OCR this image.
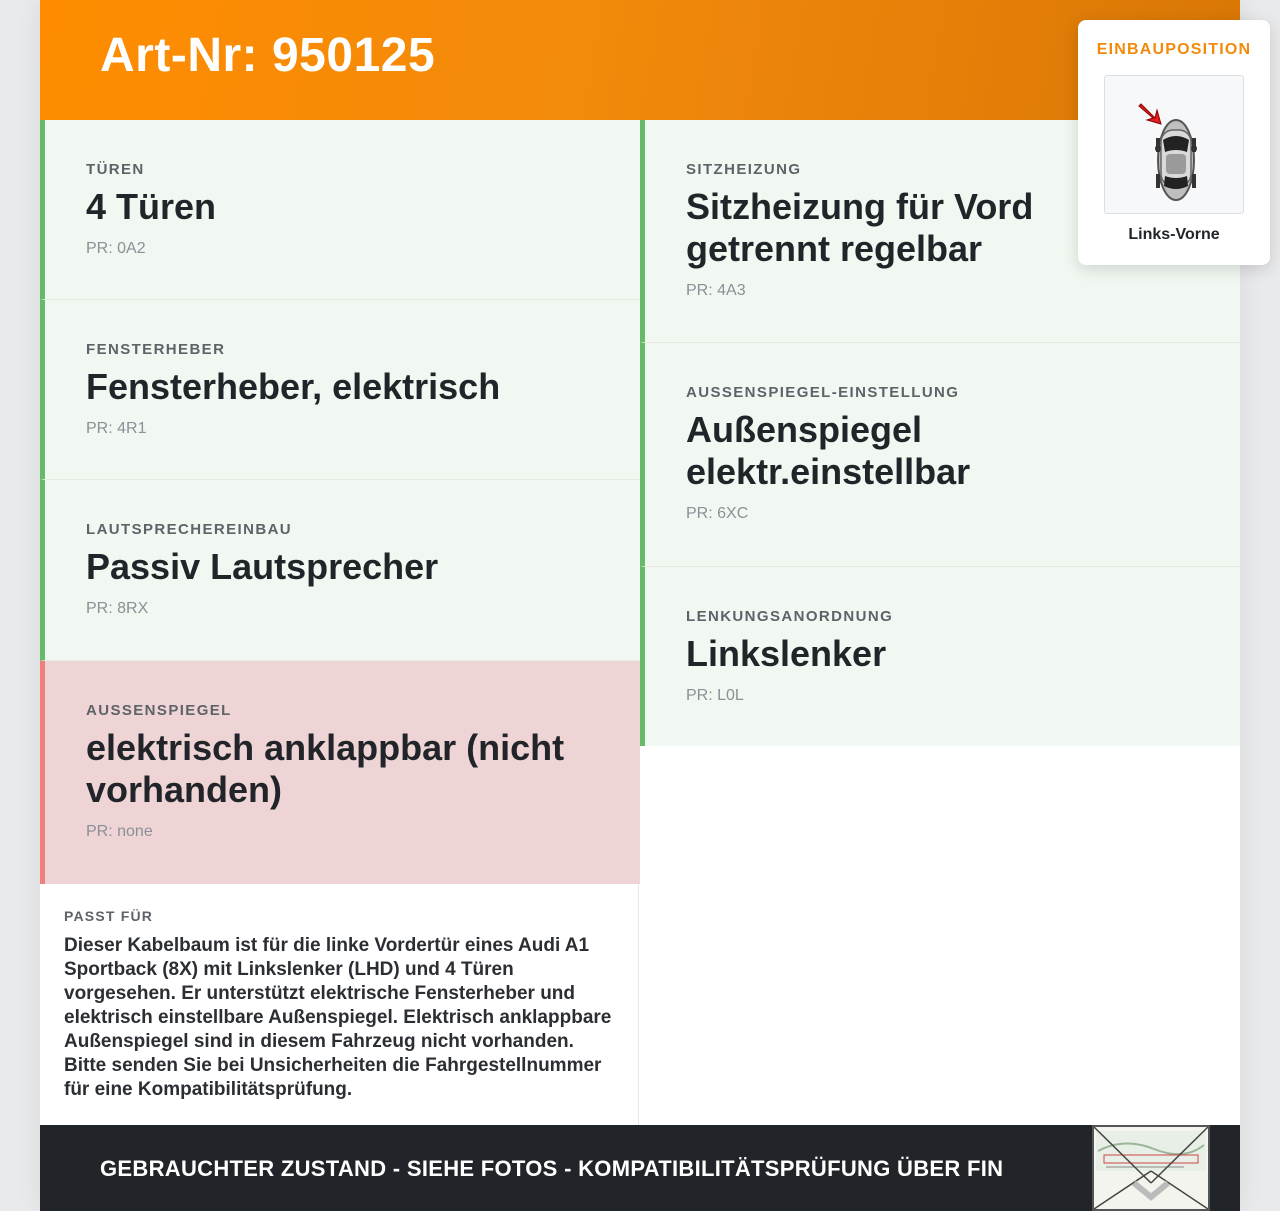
Art-Nr: 950125
TÜREN
4 Türen
PR: 0A2
FENSTERHEBER
Fensterheber, elektrisch
PR: 4R1
LAUTSPRECHEREINBAU
Passiv Lautsprecher
PR: 8RX
AUSSENSPIEGEL
elektrisch anklappbar (nicht vorhanden)
PR: none
SITZHEIZUNG
Sitzheizung für Vord getrennt regelbar
PR: 4A3
AUSSENSPIEGEL-EINSTELLUNG
Außenspiegel elektr.einstellbar
PR: 6XC
LENKUNGSANORDNUNG
Linkslenker
PR: L0L
PASST FÜR
Dieser Kabelbaum ist für die linke Vordertür eines Audi A1 Sportback (8X) mit Linkslenker (LHD) und 4 Türen vorgesehen. Er unterstützt elektrische Fensterheber und elektrisch einstellbare Außenspiegel. Elektrisch anklappbare Außenspiegel sind in diesem Fahrzeug nicht vorhanden. Bitte senden Sie bei Unsicherheiten die Fahrgestellnummer für eine Kompatibilitätsprüfung.
GEBRAUCHTER ZUSTAND - SIEHE FOTOS - KOMPATIBILITÄTSPRÜFUNG ÜBER FIN
EINBAUPOSITION
Links-Vorne
